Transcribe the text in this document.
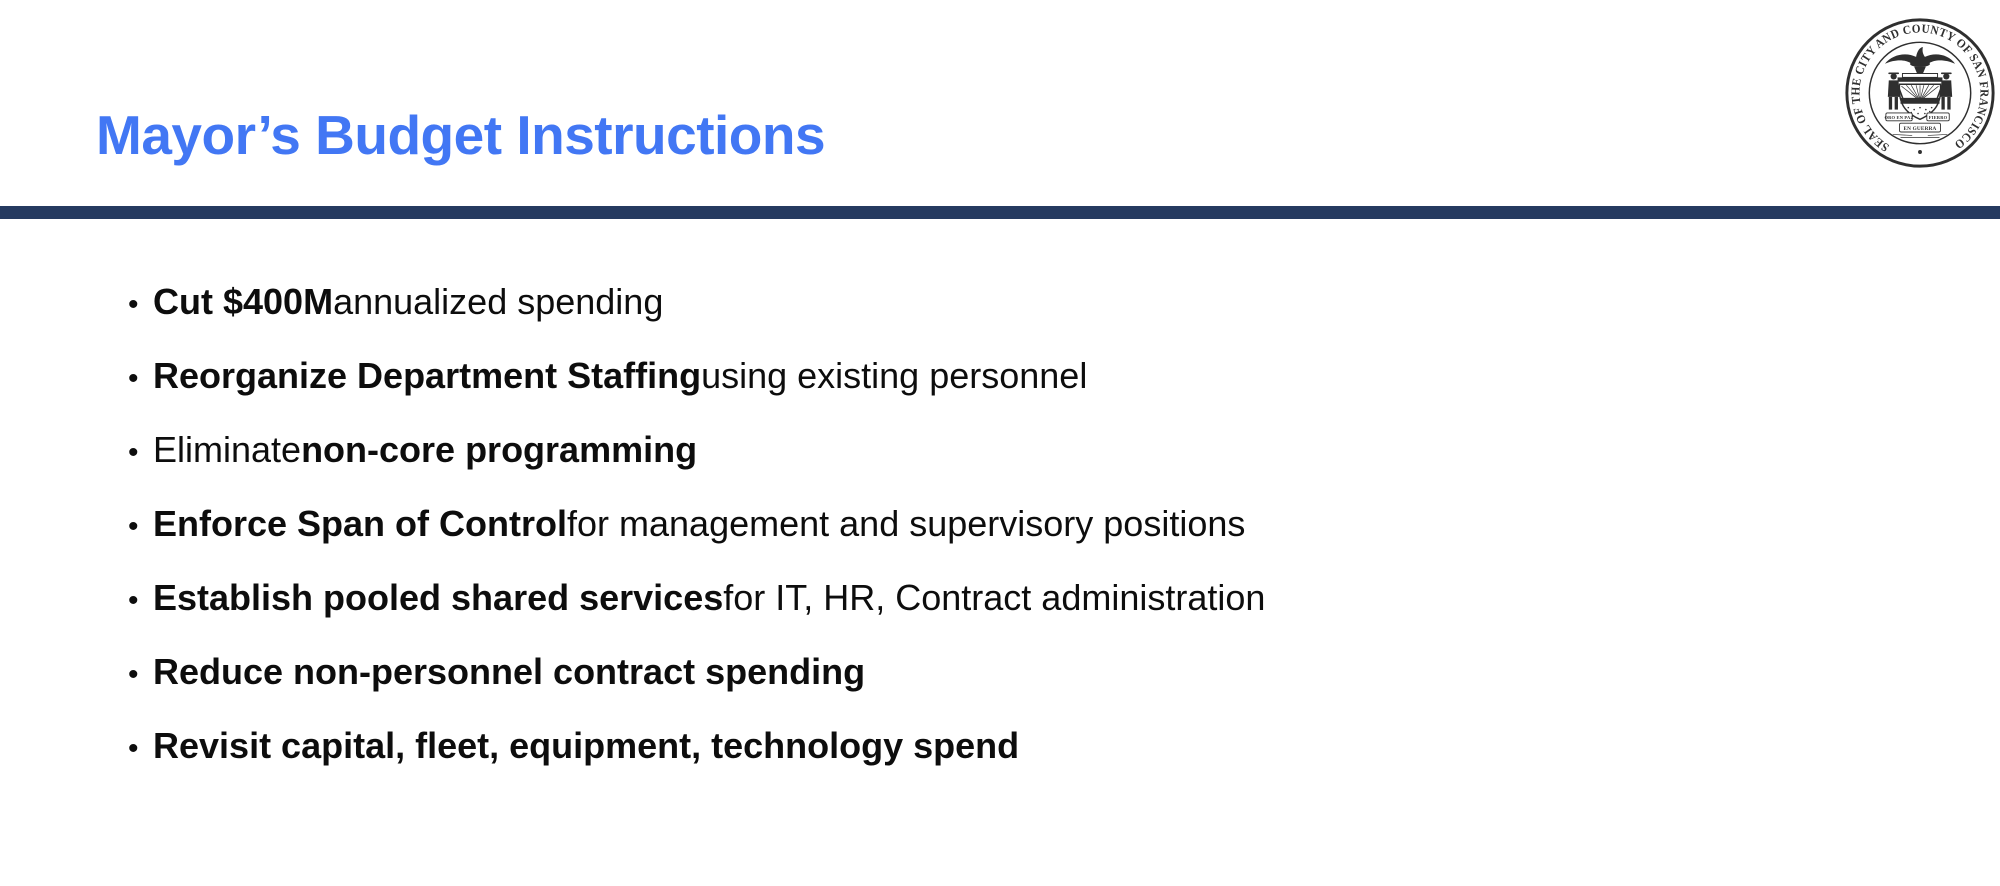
Mayor’s Budget Instructions
• Cut $400M annualized spending
• Reorganize Department Staffing using existing personnel
• Eliminate non-core programming
• Enforce Span of Control for management and supervisory positions
• Establish pooled shared services for IT, HR, Contract administration
• Reduce non-personnel contract spending
• Revisit capital, fleet, equipment, technology spend
SEAL OF THE CITY AND COUNTY OF SAN FRANCISCO
ORO EN PAZ	FIERRO
EN GUERRA
